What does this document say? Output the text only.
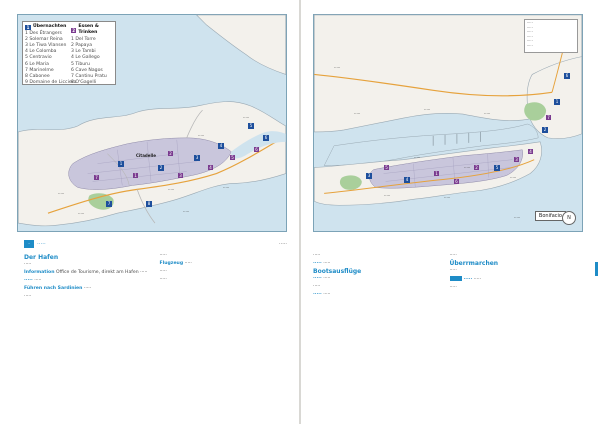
1 Übernachten
1 Des Étrangers
2 Solemar Reina
3 Le Tiwa Vlansen
4 Le Colomba
5 Centravio
6 Le Maria
7 Marinelme
8 Cabonee
9 Domaine de Licciera
2
Essen & Trinken
1 Del Torre
2 Papaya
3 Le Tambi
4 Le Gallego
5 Tiburu
6 Cave Nagos
7 Cantinu Pratu
8 O'Gagelli
Citadelle
·····
·····
·····
·····
·····	·····
·····
1
2
3
4
5
6
7	8
1
2
3
4
5
6
7
· ·····	·····
Der Hafen

·····

Information Office de Tourisme, direkt am Hafen ·····

····· ·····

Führen nach Sardinien ·····

·····

·····

Flugzeug ·····

·····

·····

·····
·····
·····
·····
·····
·····
·····
·····
·····
·····
·····	·····
·····
·····
·····
·····
1
2
3
4
5
6
1
2
3
4
5
6
7
Bonifacio	N

·····

····· ·····

Bootsausflüge

····· ·····

·····

····· ·····

·····

Überrmarchen

·····

····· ·····

·····
